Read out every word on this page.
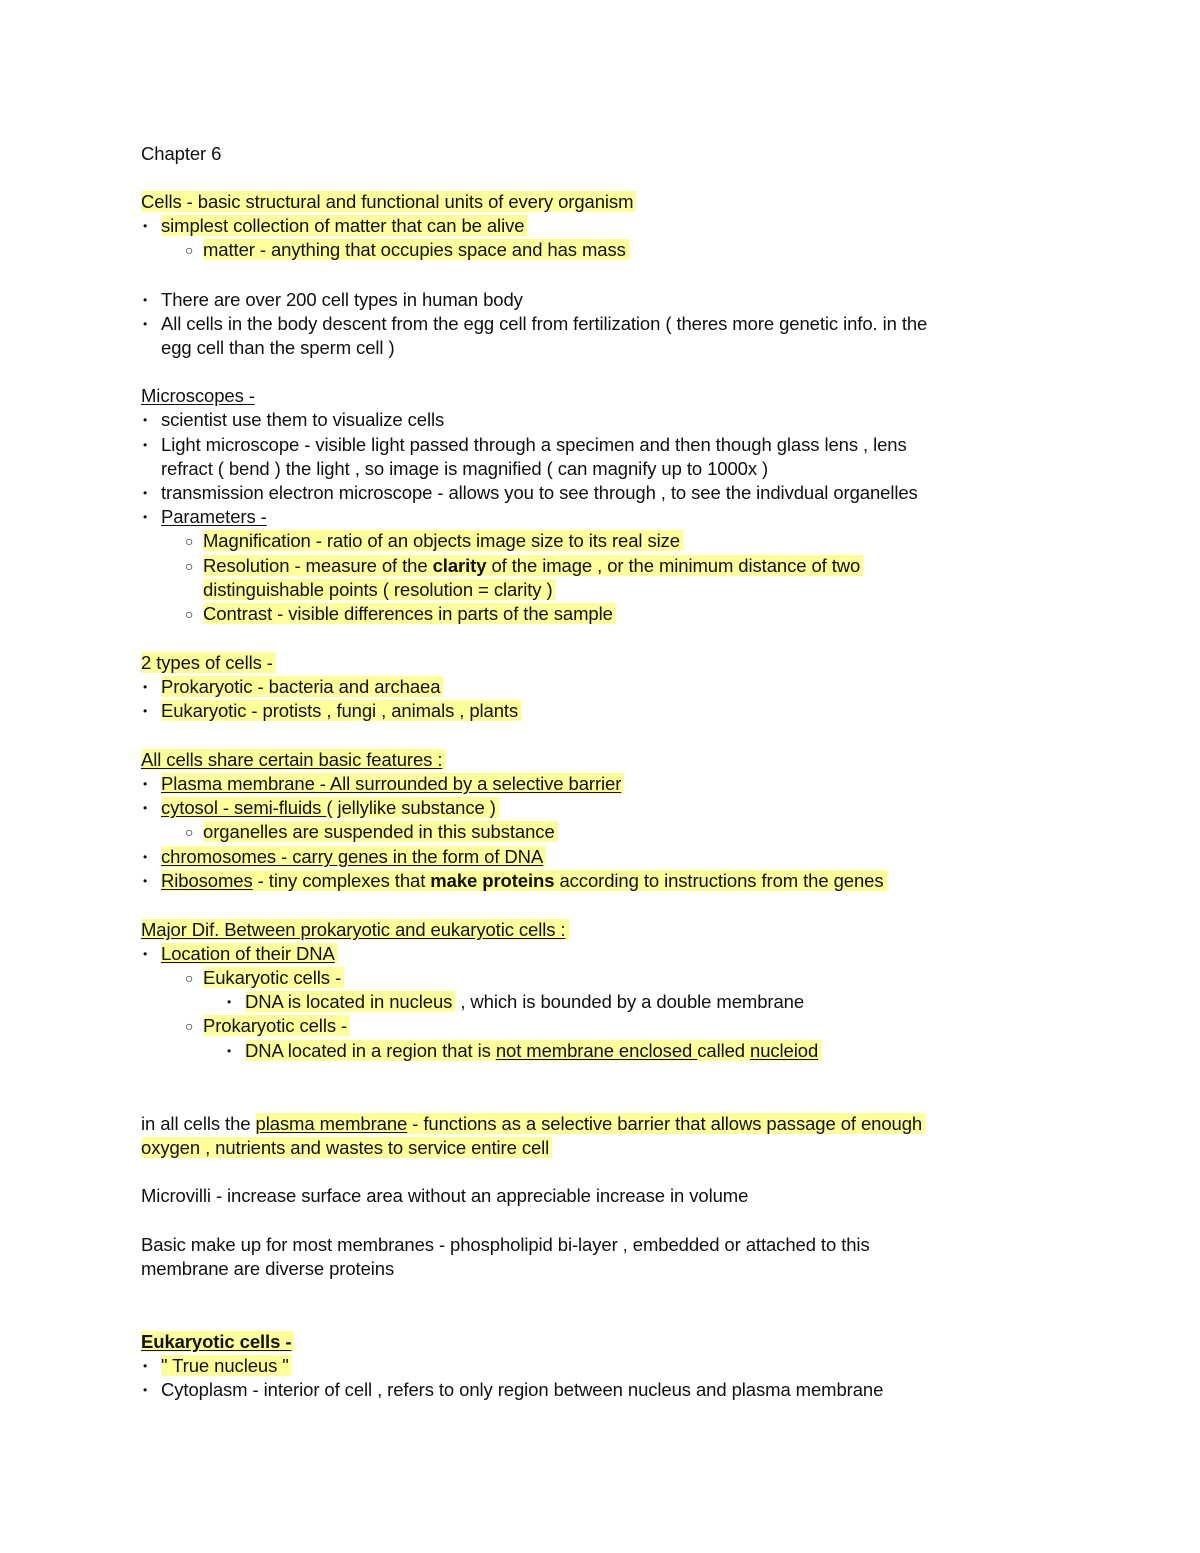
Chapter 6
Cells - basic structural and functional units of every organism
• simplest collection of matter that can be alive
○ matter - anything that occupies space and has mass
• There are over 200 cell types in human body
• All cells in the body descent from the egg cell from fertilization ( theres more genetic info. in the
egg cell than the sperm cell )
Microscopes -
• scientist use them to visualize cells
• Light microscope - visible light passed through a specimen and then though glass lens , lens
refract ( bend ) the light , so image is magnified ( can magnify up to 1000x )
• transmission electron microscope - allows you to see through , to see the indivdual organelles
• Parameters -
○ Magnification - ratio of an objects image size to its real size
○ Resolution - measure of the clarity of the image , or the minimum distance of two
distinguishable points ( resolution = clarity )
○ Contrast - visible differences in parts of the sample
2 types of cells -
• Prokaryotic - bacteria and archaea
• Eukaryotic - protists , fungi , animals , plants
All cells share certain basic features :
• Plasma membrane - All surrounded by a selective barrier
• cytosol - semi-fluids ( jellylike substance )
○ organelles are suspended in this substance
• chromosomes - carry genes in the form of DNA
• Ribosomes - tiny complexes that make proteins according to instructions from the genes
Major Dif. Between prokaryotic and eukaryotic cells :
• Location of their DNA
○ Eukaryotic cells -
• DNA is located in nucleus , which is bounded by a double membrane
○ Prokaryotic cells -
• DNA located in a region that is not membrane enclosed called nucleiod
in all cells the plasma membrane - functions as a selective barrier that allows passage of enough
oxygen , nutrients and wastes to service entire cell
Microvilli - increase surface area without an appreciable increase in volume
Basic make up for most membranes - phospholipid bi-layer , embedded or attached to this
membrane are diverse proteins
Eukaryotic cells -
• " True nucleus "
• Cytoplasm - interior of cell , refers to only region between nucleus and plasma membrane
